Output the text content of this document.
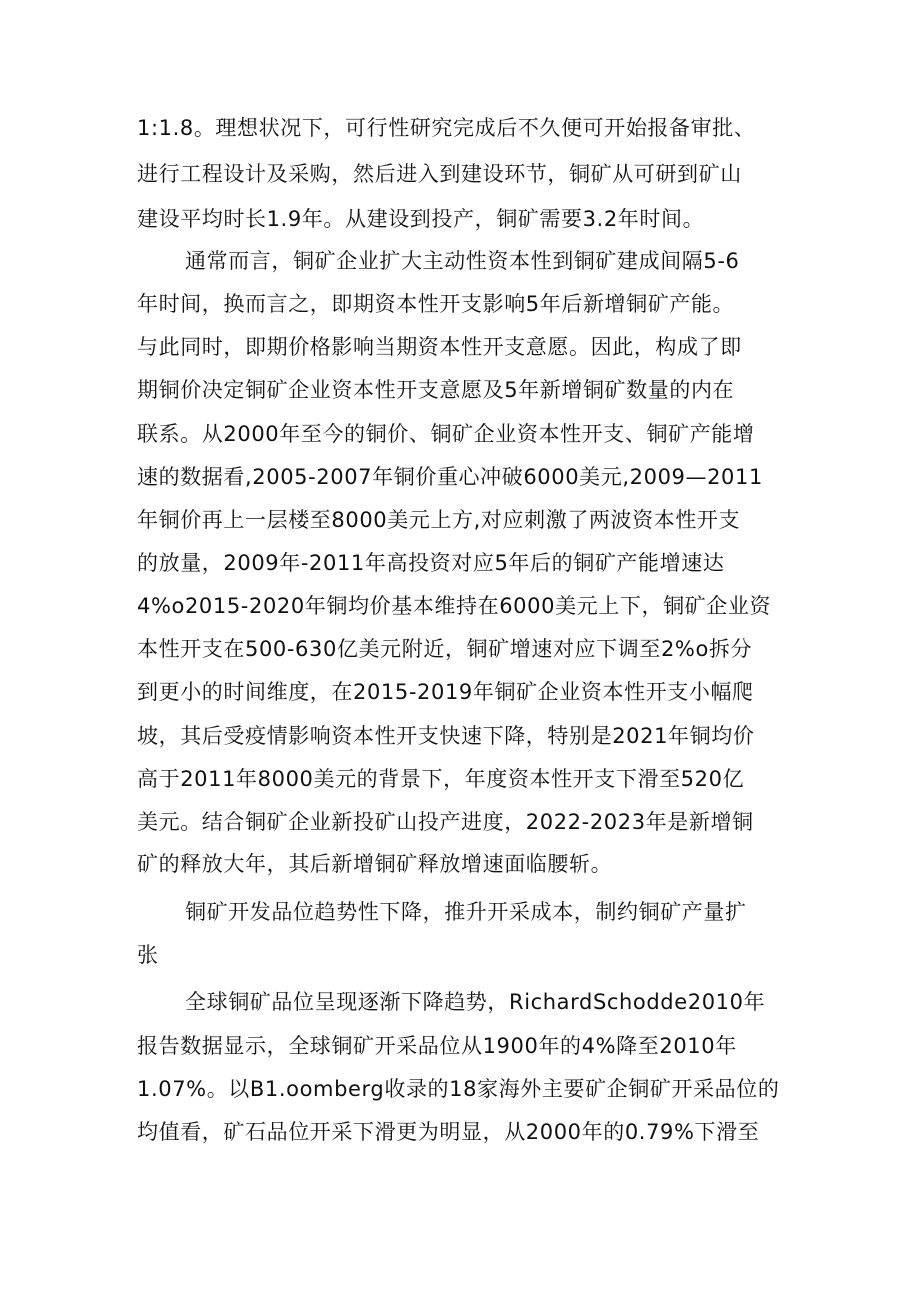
1:1.8。理想状况下，可行性研究完成后不久便可开始报备审批、
进行工程设计及采购，然后进入到建设环节，铜矿从可研到矿山
建设平均时长1.9年。从建设到投产，铜矿需要3.2年时间。
通常而言，铜矿企业扩大主动性资本性到铜矿建成间隔5-6
年时间，换而言之，即期资本性开支影响5年后新增铜矿产能。
与此同时，即期价格影响当期资本性开支意愿。因此，构成了即
期铜价决定铜矿企业资本性开支意愿及5年新增铜矿数量的内在
联系。从2000年至今的铜价、铜矿企业资本性开支、铜矿产能增
速的数据看,2005-2007年铜价重心冲破6000美元,2009—2011
年铜价再上一层楼至8000美元上方,对应刺激了两波资本性开支
的放量，2009年-2011年高投资对应5年后的铜矿产能增速达
4%o2015-2020年铜均价基本维持在6000美元上下，铜矿企业资
本性开支在500-630亿美元附近，铜矿增速对应下调至2%o拆分
到更小的时间维度，在2015-2019年铜矿企业资本性开支小幅爬
坡，其后受疫情影响资本性开支快速下降，特别是2021年铜均价
高于2011年8000美元的背景下，年度资本性开支下滑至520亿
美元。结合铜矿企业新投矿山投产进度，2022-2023年是新增铜
矿的释放大年，其后新增铜矿释放增速面临腰斩。
铜矿开发品位趋势性下降，推升开采成本，制约铜矿产量扩
张
全球铜矿品位呈现逐渐下降趋势，RichardSchodde2010年
报告数据显示，全球铜矿开采品位从1900年的4%降至2010年
1.07%。以B1.oomberg收录的18家海外主要矿企铜矿开采品位的
均值看，矿石品位开采下滑更为明显，从2000年的0.79%下滑至
